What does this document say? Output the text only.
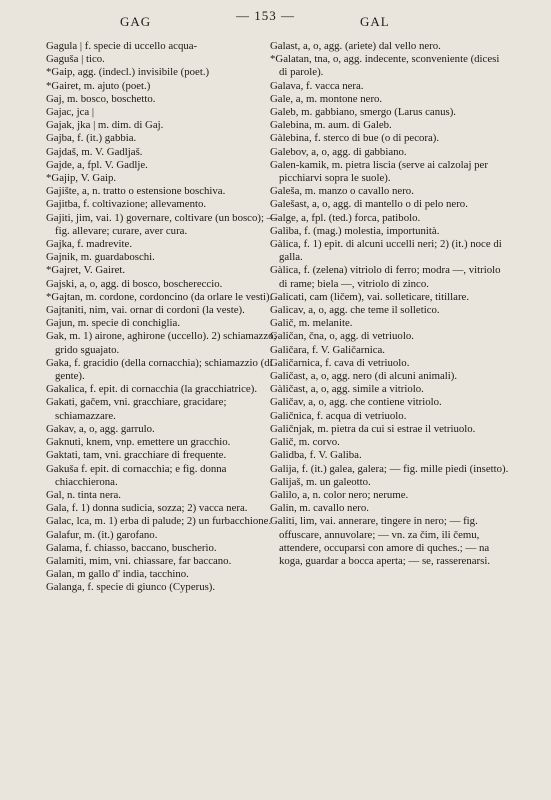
GAG	— 153 —	GAL

Gagula | f. specie di uccello acqua-

Gaguša | tico.

*Gaip, agg. (indecl.) invisibile (poet.)

*Gairet, m. ajuto (poet.)

Gaj, m. bosco, boschetto.

Gajac, jca |

Gajak, jka | m. dim. di Gaj.

Gajba, f. (it.) gabbia.

Gajdaš, m. V. Gadljaš.

Gajde, a, fpl. V. Gadlje.

*Gajip, V. Gaip.

Gajište, a, n. tratto o estensione boschiva.

Gajitba, f. coltivazione; allevamento.

Gajiti, jim, vai. 1) governare, coltivare (un bosco); — fig. allevare; curare, aver cura.

Gajka, f. madrevite.

Gajnik, m. guardaboschi.

*Gajret, V. Gairet.

Gajski, a, o, agg. di bosco, boschereccio.

*Gajtan, m. cordone, cordoncino (da orlare le vesti).

Gajtaniti, nim, vai. ornar di cordoni (la veste).

Gajun, m. specie di conchiglia.

Gak, m. 1) airone, aghirone (uccello). 2) schiamazzo; grido sguajato.

Gaka, f. gracidio (della cornacchia); schiamazzio (di gente).

Gakalica, f. epit. di cornacchia (la gracchiatrice).

Gakati, gačem, vni. gracchiare, gracidare; schiamazzare.

Gakav, a, o, agg. garrulo.

Gaknuti, knem, vnp. emettere un gracchio.

Gaktati, tam, vni. gracchiare di frequente.

Gakuša f. epit. di cornacchia; e fig. donna chiacchierona.

Gal, n. tinta nera.

Gala, f. 1) donna sudicia, sozza; 2) vacca nera.

Galac, lca, m. 1) erba di palude; 2) un furbacchione.

Galafur, m. (it.) garofano.

Galama, f. chiasso, baccano, buscherìo.

Galamiti, mim, vni. chiassare, far baccano.

Galan, m gallo d' india, tacchino.

Galanga, f. specie di giunco (Cyperus).

Galast, a, o, agg. (ariete) dal vello nero.

*Galatan, tna, o, agg. indecente, sconveniente (dicesi di parole).

Galava, f. vacca nera.

Gale, a, m. montone nero.

Galeb, m. gabbiano, smergo (Larus canus).

Galebina, m. aum. di Galeb.

Gàlebina, f. sterco di bue (o di pecora).

Galebov, a, o, agg. di gabbiano.

Galen-kamik, m. pietra liscia (serve ai calzolaj per picchiarvi sopra le suole).

Galeša, m. manzo o cavallo nero.

Galešast, a, o, agg. di mantello o di pelo nero.

Galge, a, fpl. (ted.) forca, patibolo.

Galiba, f. (mag.) molestia, importunità.

Gàlica, f. 1) epit. di alcuni uccelli neri; 2) (it.) noce di galla.

Gàlica, f. (zelena) vitriolo di ferro; modra —, vitriolo di rame; biela —, vitriolo di zinco.

Galicati, cam (ličem), vai. solleticare, titillare.

Galicav, a, o, agg. che teme il solletico.

Galič, m. melanite.

Galičan, čna, o, agg. di vetriuolo.

Galičara, f. V. Galičarnica.

Galičarnica, f. cava di vetriuolo.

Galičast, a, o, agg. nero (di alcuni animali).

Gàličast, a, o, agg. simile a vitriolo.

Galičav, a, o, agg. che contiene vitriolo.

Galičnica, f. acqua di vetriuolo.

Galičnjak, m. pietra da cui si estrae il vetriuolo.

Galič, m. corvo.

Galidba, f. V. Galiba.

Galija, f. (it.) galea, galera; — fig. mille piedi (insetto).

Galijaš, m. un galeotto.

Galilo, a, n. color nero; nerume.

Galin, m. cavallo nero.

Galiti, lim, vai. annerare, tingere in nero; — fig. offuscare, annuvolare; — vn. za čim, ili čemu, attendere, occuparsi con amore di quches.; — na koga, guardar a bocca aperta; — se, rasserenarsi.
